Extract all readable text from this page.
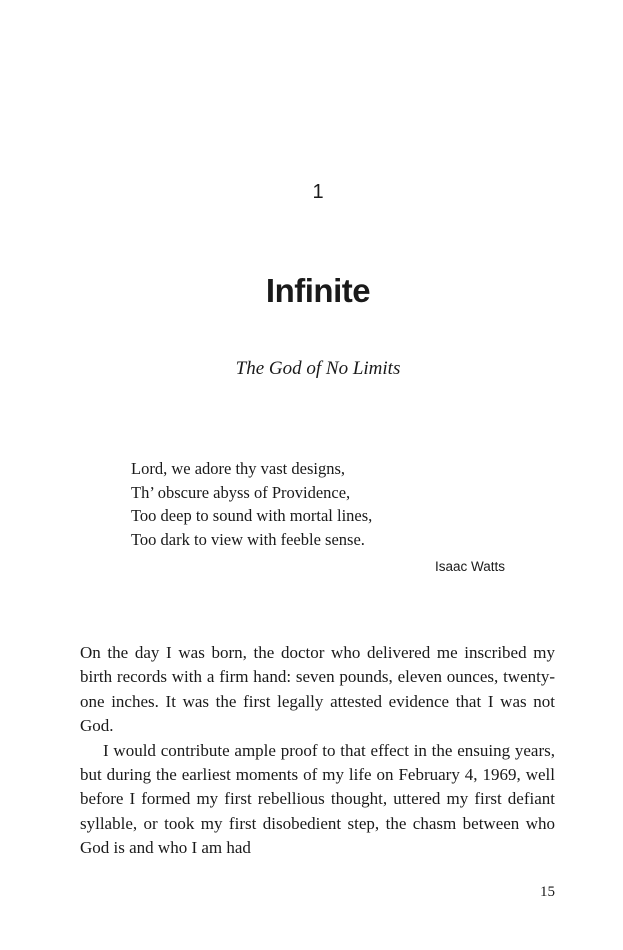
1
Infinite
The God of No Limits
Lord, we adore thy vast designs,
Th’ obscure abyss of Providence,
Too deep to sound with mortal lines,
Too dark to view with feeble sense.
Isaac Watts

On the day I was born, the doctor who delivered me inscribed my birth records with a firm hand: seven pounds, eleven ounces, twenty-one inches. It was the first legally attested evidence that I was not God.

I would contribute ample proof to that effect in the ensuing years, but during the earliest moments of my life on February 4, 1969, well before I formed my first rebellious thought, uttered my first defiant syllable, or took my first disobedient step, the chasm between who God is and who I am had

15
